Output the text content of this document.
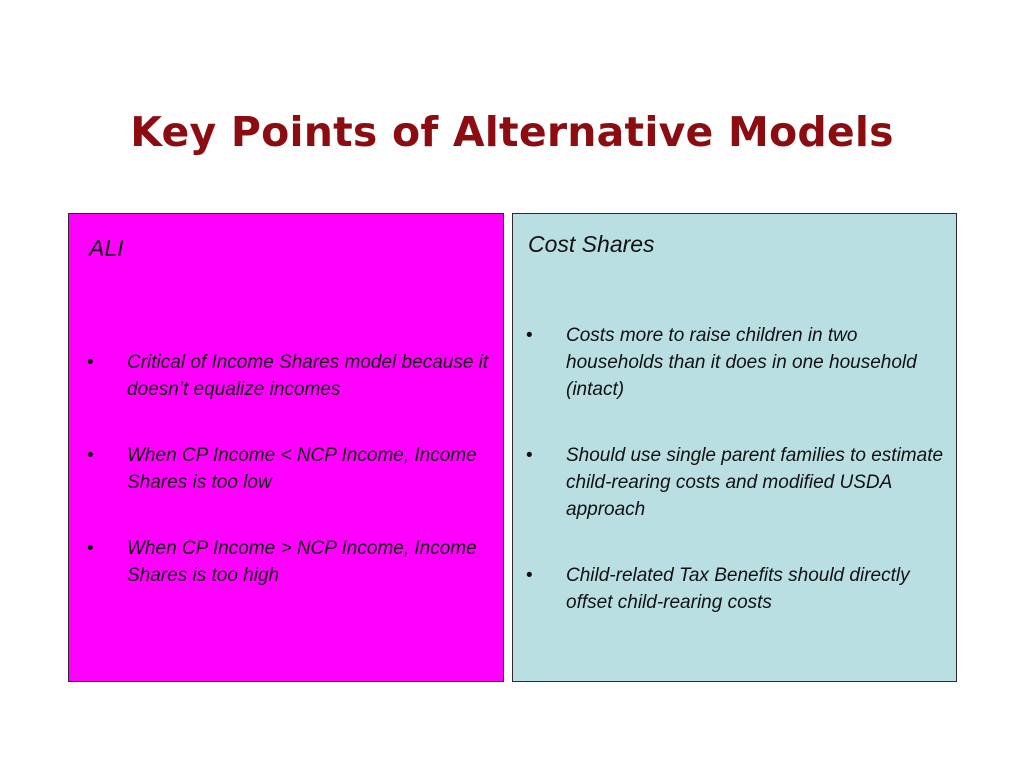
Key Points of Alternative Models
ALI
• Critical of Income Shares model because it doesn’t equalize incomes
• When CP Income < NCP Income, Income Shares is too low
• When CP Income > NCP Income, Income Shares is too high
Cost Shares
• Costs more to raise children in two households than it does in one household (intact)
• Should use single parent families to estimate child-rearing costs and modified USDA approach
• Child-related Tax Benefits should directly offset child-rearing costs
